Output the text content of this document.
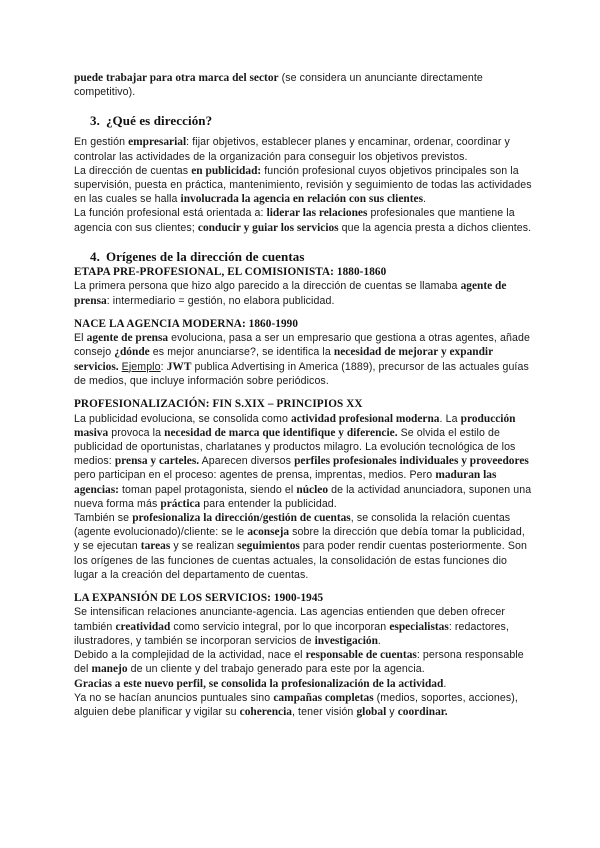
puede trabajar para otra marca del sector (se considera un anunciante directamente competitivo).

3. ¿Qué es dirección?

En gestión empresarial: fijar objetivos, establecer planes y encaminar, ordenar, coordinar y controlar las actividades de la organización para conseguir los objetivos previstos.

La dirección de cuentas en publicidad: función profesional cuyos objetivos principales son la supervisión, puesta en práctica, mantenimiento, revisión y seguimiento de todas las actividades en las cuales se halla involucrada la agencia en relación con sus clientes.

La función profesional está orientada a: liderar las relaciones profesionales que mantiene la agencia con sus clientes; conducir y guiar los servicios que la agencia presta a dichos clientes.

4. Orígenes de la dirección de cuentas
ETAPA PRE-PROFESIONAL, EL COMISIONISTA: 1880-1860

La primera persona que hizo algo parecido a la dirección de cuentas se llamaba agente de prensa: intermediario = gestión, no elabora publicidad.

NACE LA AGENCIA MODERNA: 1860-1990

El agente de prensa evoluciona, pasa a ser un empresario que gestiona a otras agentes, añade consejo ¿dónde es mejor anunciarse?, se identifica la necesidad de mejorar y expandir servicios. Ejemplo: JWT publica Advertising in America (1889), precursor de las actuales guías de medios, que incluye información sobre periódicos.

PROFESIONALIZACIÓN: FIN S.XIX – PRINCIPIOS XX

La publicidad evoluciona, se consolida como actividad profesional moderna. La producción masiva provoca la necesidad de marca que identifique y diferencie. Se olvida el estilo de publicidad de oportunistas, charlatanes y productos milagro. La evolución tecnológica de los medios: prensa y carteles. Aparecen diversos perfiles profesionales individuales y proveedores pero participan en el proceso: agentes de prensa, imprentas, medios. Pero maduran las agencias: toman papel protagonista, siendo el núcleo de la actividad anunciadora, suponen una nueva forma más práctica para entender la publicidad.

También se profesionaliza la dirección/gestión de cuentas, se consolida la relación cuentas (agente evolucionado)/cliente: se le aconseja sobre la dirección que debía tomar la publicidad, y se ejecutan tareas y se realizan seguimientos para poder rendir cuentas posteriormente. Son los orígenes de las funciones de cuentas actuales, la consolidación de estas funciones dio lugar a la creación del departamento de cuentas.

LA EXPANSIÓN DE LOS SERVICIOS: 1900-1945

Se intensifican relaciones anunciante-agencia. Las agencias entienden que deben ofrecer también creatividad como servicio integral, por lo que incorporan especialistas: redactores, ilustradores, y también se incorporan servicios de investigación.

Debido a la complejidad de la actividad, nace el responsable de cuentas: persona responsable del manejo de un cliente y del trabajo generado para este por la agencia.

Gracias a este nuevo perfil, se consolida la profesionalización de la actividad.

Ya no se hacían anuncios puntuales sino campañas completas (medios, soportes, acciones), alguien debe planificar y vigilar su coherencia, tener visión global y coordinar.
